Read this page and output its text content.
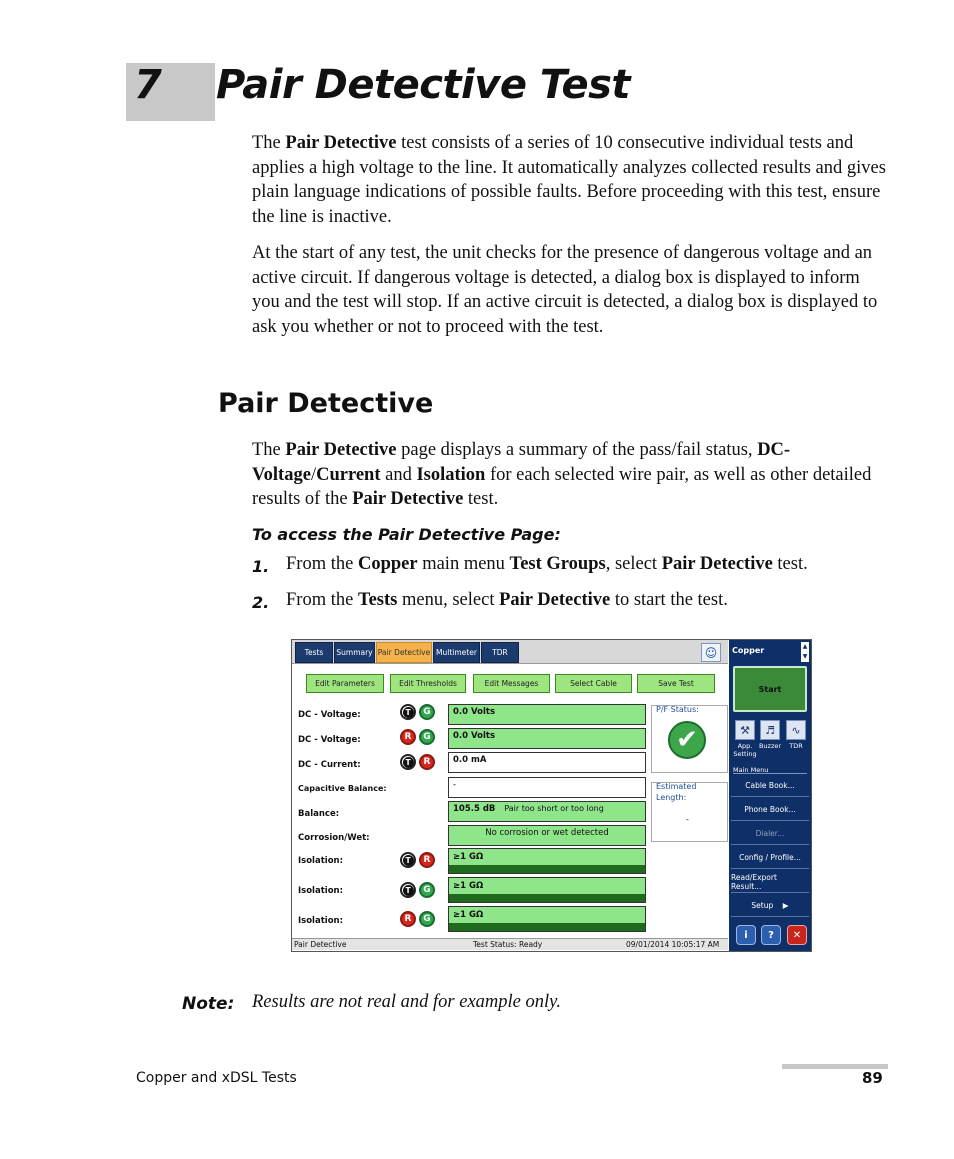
7 Pair Detective Test
The Pair Detective test consists of a series of 10 consecutive individual tests and applies a high voltage to the line. It automatically analyzes collected results and gives plain language indications of possible faults. Before proceeding with this test, ensure the line is inactive.
At the start of any test, the unit checks for the presence of dangerous voltage and an active circuit. If dangerous voltage is detected, a dialog box is displayed to inform you and the test will stop. If an active circuit is detected, a dialog box is displayed to ask you whether or not to proceed with the test.
Pair Detective
The Pair Detective page displays a summary of the pass/fail status, DC-Voltage/Current and Isolation for each selected wire pair, as well as other detailed results of the Pair Detective test.
To access the Pair Detective Page:
1. From the Copper main menu Test Groups, select Pair Detective test.
2. From the Tests menu, select Pair Detective to start the test.
Tests	Summary Pair Detective Multimeter	TDR	☺
Edit Parameters	Edit Thresholds	Edit Messages	Select Cable	Save Test
DC - Voltage:	T	G	0.0 Volts
DC - Voltage:	R	G	0.0 Volts
DC - Current:	T	R	0.0 mA
Capacitive Balance:	-
Balance:	105.5 dB Pair too short or too long
Corrosion/Wet:	No corrosion or wet detected
Isolation:	T	R	≥1 GΩ
Isolation:	T	G	≥1 GΩ
Isolation:	R	G	≥1 GΩ
P/F Status:
✔
Estimated
Length:
-
Pair Detective	Test Status: Ready	09/01/2014 10:05:17 AM
Copper	▲
▼
Start
⚒
App. Setting
♬
Buzzer
∿
TDR
Main Menu
Cable Book...
Phone Book...
Dialer...
Config / Profile...
Read/Export Result...
Setup ▶
i	?	✕
Note: Results are not real and for example only.
Copper and xDSL Tests	89
